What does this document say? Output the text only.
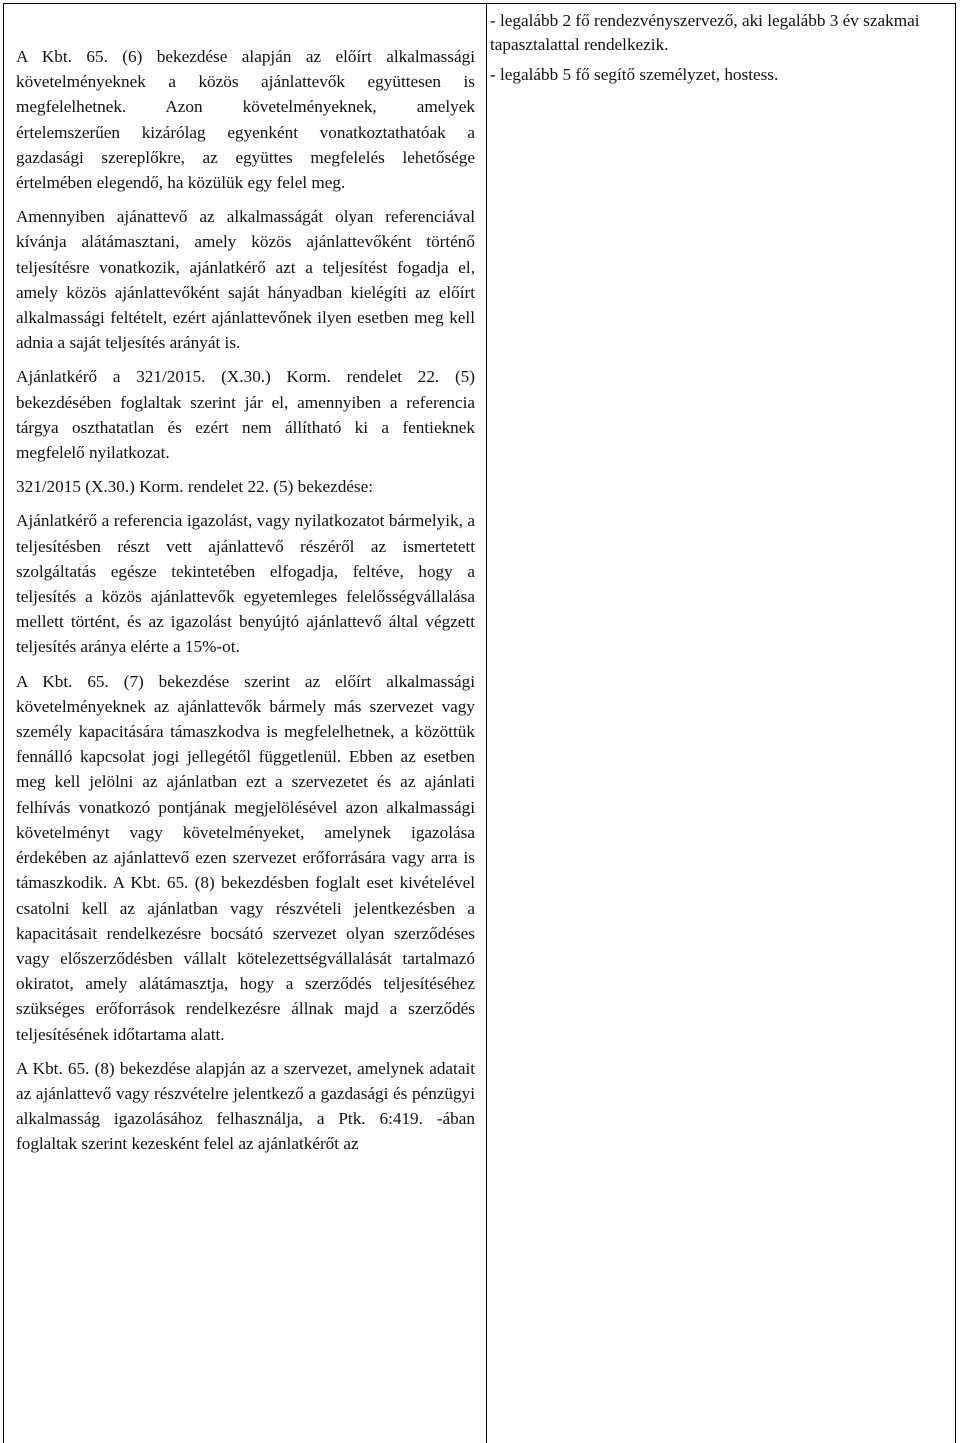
A Kbt. 65. (6) bekezdése alapján az előírt alkalmassági követelményeknek a közös ajánlattevők együttesen is megfelelhetnek. Azon követelményeknek, amelyek értelemszerűen kizárólag egyenként vonatkoztathatóak a gazdasági szereplőkre, az együttes megfelelés lehetősége értelmében elegendő, ha közülük egy felel meg.

Amennyiben ajánattevő az alkalmasságát olyan referenciával kívánja alátámasztani, amely közös ajánlattevőként történő teljesítésre vonatkozik, ajánlatkérő azt a teljesítést fogadja el, amely közös ajánlattevőként saját hányadban kielégíti az előírt alkalmassági feltételt, ezért ajánlattevőnek ilyen esetben meg kell adnia a saját teljesítés arányát is.

Ajánlatkérő a 321/2015. (X.30.) Korm. rendelet 22. (5) bekezdésében foglaltak szerint jár el, amennyiben a referencia tárgya oszthatatlan és ezért nem állítható ki a fentieknek megfelelő nyilatkozat.

321/2015 (X.30.) Korm. rendelet 22. (5) bekezdése:

Ajánlatkérő a referencia igazolást, vagy nyilatkozatot bármelyik, a teljesítésben részt vett ajánlattevő részéről az ismertetett szolgáltatás egésze tekintetében elfogadja, feltéve, hogy a teljesítés a közös ajánlattevők egyetemleges felelősségvállalása mellett történt, és az igazolást benyújtó ajánlattevő által végzett teljesítés aránya elérte a 15%-ot.

A Kbt. 65. (7) bekezdése szerint az előírt alkalmassági követelményeknek az ajánlattevők bármely más szervezet vagy személy kapacitására támaszkodva is megfelelhetnek, a közöttük fennálló kapcsolat jogi jellegétől függetlenül. Ebben az esetben meg kell jelölni az ajánlatban ezt a szervezetet és az ajánlati felhívás vonatkozó pontjának megjelölésével azon alkalmassági követelményt vagy követelményeket, amelynek igazolása érdekében az ajánlattevő ezen szervezet erőforrására vagy arra is támaszkodik. A Kbt. 65. (8) bekezdésben foglalt eset kivételével csatolni kell az ajánlatban vagy részvételi jelentkezésben a kapacitásait rendelkezésre bocsátó szervezet olyan szerződéses vagy előszerződésben vállalt kötelezettségvállalását tartalmazó okiratot, amely alátámasztja, hogy a szerződés teljesítéséhez szükséges erőforrások rendelkezésre állnak majd a szerződés teljesítésének időtartama alatt.

A Kbt. 65. (8) bekezdése alapján az a szervezet, amelynek adatait az ajánlattevő vagy részvételre jelentkező a gazdasági és pénzügyi alkalmasság igazolásához felhasználja, a Ptk. 6:419. -ában foglaltak szerint kezesként felel az ajánlatkérőt az

- legalább 2 fő rendezvényszervező, aki legalább 3 év szakmai tapasztalattal rendelkezik.

- legalább 5 fő segítő személyzet, hostess.
